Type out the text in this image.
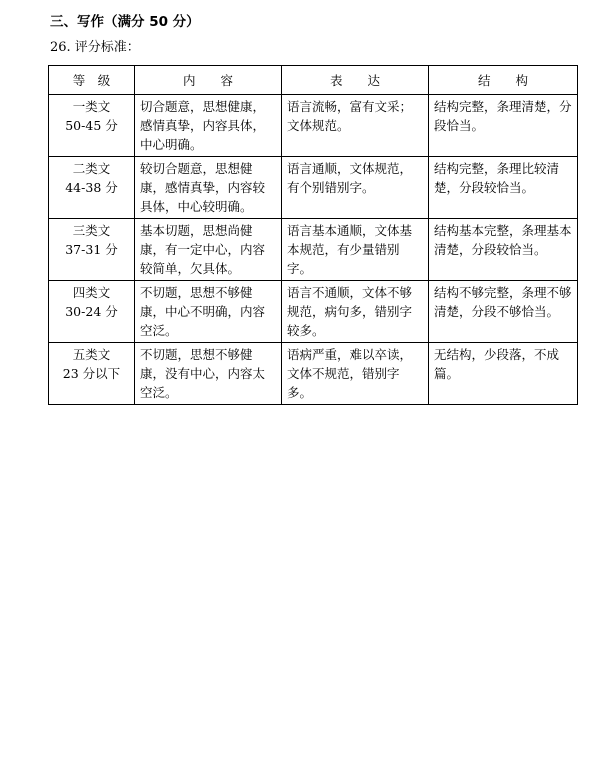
三、写作（满分 50 分）
26. 评分标准：
等　级	内　　容	表　　达	结　　构

一类文
50-45 分	切合题意，思想健康，感情真挚，内容具体，中心明确。	语言流畅，富有文采；文体规范。	结构完整，条理清楚，分段恰当。

二类文
44-38 分	较切合题意，思想健康，感情真挚，内容较具体，中心较明确。	语言通顺，文体规范，有个别错别字。	结构完整，条理比较清楚，分段较恰当。

三类文
37-31 分	基本切题，思想尚健康，有一定中心，内容较简单，欠具体。	语言基本通顺，文体基本规范，有少量错别字。	结构基本完整，条理基本清楚，分段较恰当。

四类文
30-24 分	不切题，思想不够健康，中心不明确，内容空泛。	语言不通顺，文体不够规范，病句多，错别字较多。	结构不够完整，条理不够清楚，分段不够恰当。

五类文
23 分以下	不切题，思想不够健康，没有中心，内容太空泛。	语病严重，难以卒读，文体不规范，错别字多。	无结构，少段落，不成篇。
